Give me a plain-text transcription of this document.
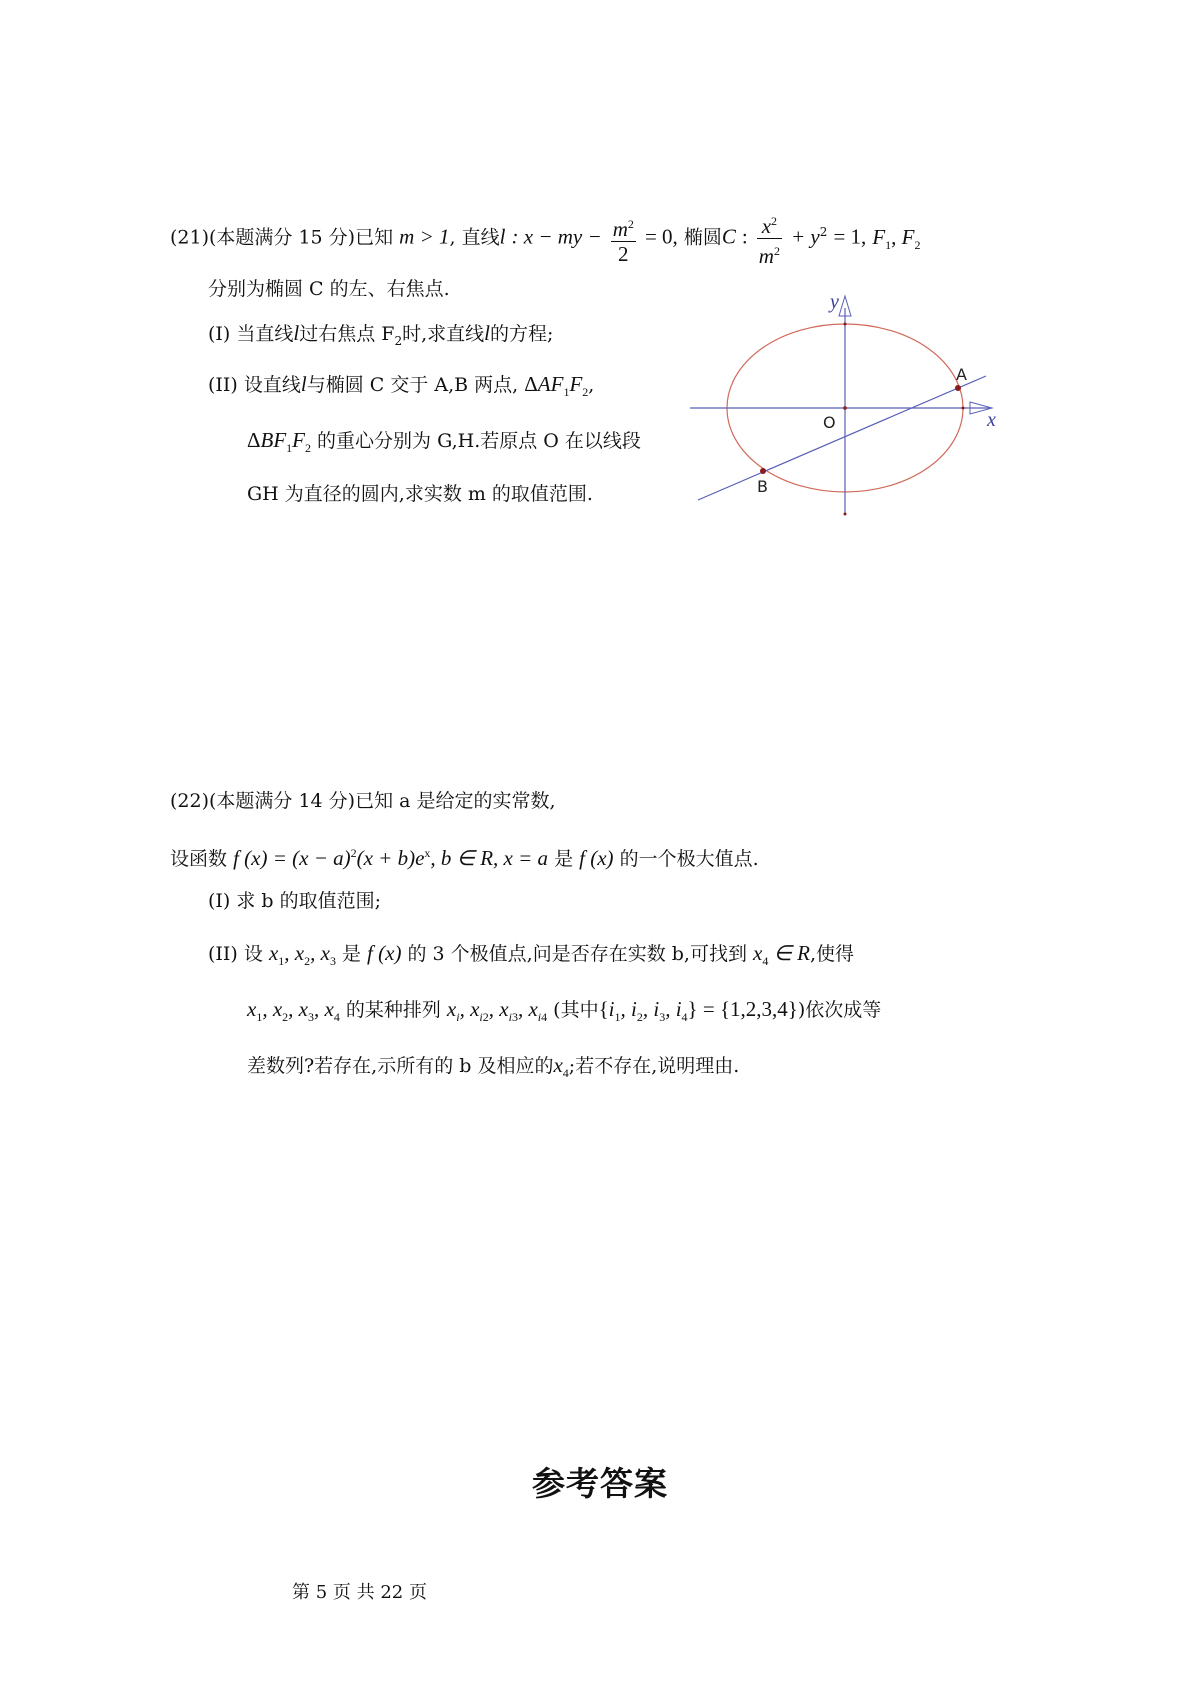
(21)(本题满分 15 分)已知 m > 1, 直线l : x − my − $\frac{m^2}{2} = 0$, 椭圆C : $\frac{x^2}{m^2} + y^2 = 1$, $F_1$, $F_2$
分别为椭圆 C 的左、右焦点.
(I) 当直线l过右焦点 $F_2$时,求直线l的方程;
(II) 设直线l与椭圆 C 交于 A,B 两点, $\Delta AF_1F_2$,
$\Delta BF_1F_2$ 的重心分别为 G,H.若原点 O 在以线段
GH 为直径的圆内,求实数 m 的取值范围.
y
x
O
A
B
(22)(本题满分 14 分)已知 a 是给定的实常数,
设函数 f $(x) = (x - a)^2(x + b)e^x$, b ∈ R, x = a 是 f (x) 的一个极大值点.
(I) 求 b 的取值范围;
(II) 设 $x_1$, $x_2$, $x_3$ 是 f (x) 的 3 个极值点,问是否存在实数 b,可找到 $x_4$ ∈ R,使得
$x_1$, $x_2$, $x_3$, $x_4$ 的某种排列 $x_i$, $x_{i2}$, $x_{i3}$, $x_{i4}$ (其中{$i_1$, $i_2$, $i_3$, $i_4\} = \{1,2,3,4\}$)依次成等
差数列?若存在,示所有的 b 及相应的$x_4$;若不存在,说明理由.
参考答案
第 5 页 共 22 页
